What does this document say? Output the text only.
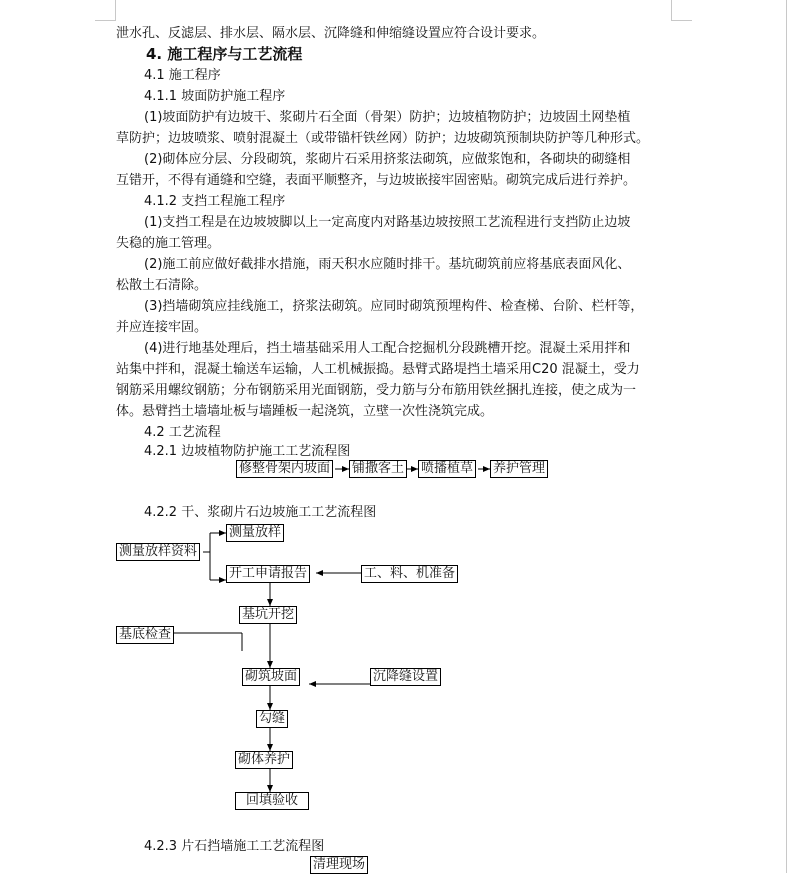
泄水孔、反滤层、排水层、隔水层、沉降缝和伸缩缝设置应符合设计要求。
4. 施工程序与工艺流程
4.1 施工程序
4.1.1 坡面防护施工程序
(1)坡面防护有边坡干、浆砌片石全面（骨架）防护；边坡植物防护；边坡固土网垫植
草防护；边坡喷浆、喷射混凝土（或带锚杆铁丝网）防护；边坡砌筑预制块防护等几种形式。
(2)砌体应分层、分段砌筑，浆砌片石采用挤浆法砌筑，应做浆饱和，各砌块的砌缝相
互错开，不得有通缝和空缝，表面平顺整齐，与边坡嵌接牢固密贴。砌筑完成后进行养护。
4.1.2 支挡工程施工程序
(1)支挡工程是在边坡坡脚以上一定高度内对路基边坡按照工艺流程进行支挡防止边坡
失稳的施工管理。
(2)施工前应做好截排水措施，雨天积水应随时排干。基坑砌筑前应将基底表面风化、
松散土石清除。
(3)挡墙砌筑应挂线施工，挤浆法砌筑。应同时砌筑预埋构件、检查梯、台阶、栏杆等，
并应连接牢固。
(4)进行地基处理后，挡土墙基础采用人工配合挖掘机分段跳槽开挖。混凝土采用拌和
站集中拌和，混凝土输送车运输，人工机械振捣。悬臂式路堤挡土墙采用C20 混凝土，受力
钢筋采用螺纹钢筋；分布钢筋采用光面钢筋，受力筋与分布筋用铁丝捆扎连接，使之成为一
体。悬臂挡土墙墙址板与墙踵板一起浇筑，立壁一次性浇筑完成。
4.2 工艺流程
4.2.1 边坡植物防护施工工艺流程图
修整骨架内坡面 铺撒客土 喷播植草 养护管理
4.2.2 干、浆砌片石边坡施工工艺流程图
测量放样资料
测量放样
开工申请报告	工、料、机准备
基坑开挖
基底检查
砌筑坡面	沉降缝设置
勾缝
砌体养护
回填验收
4.2.3 片石挡墙施工工艺流程图
清理现场
